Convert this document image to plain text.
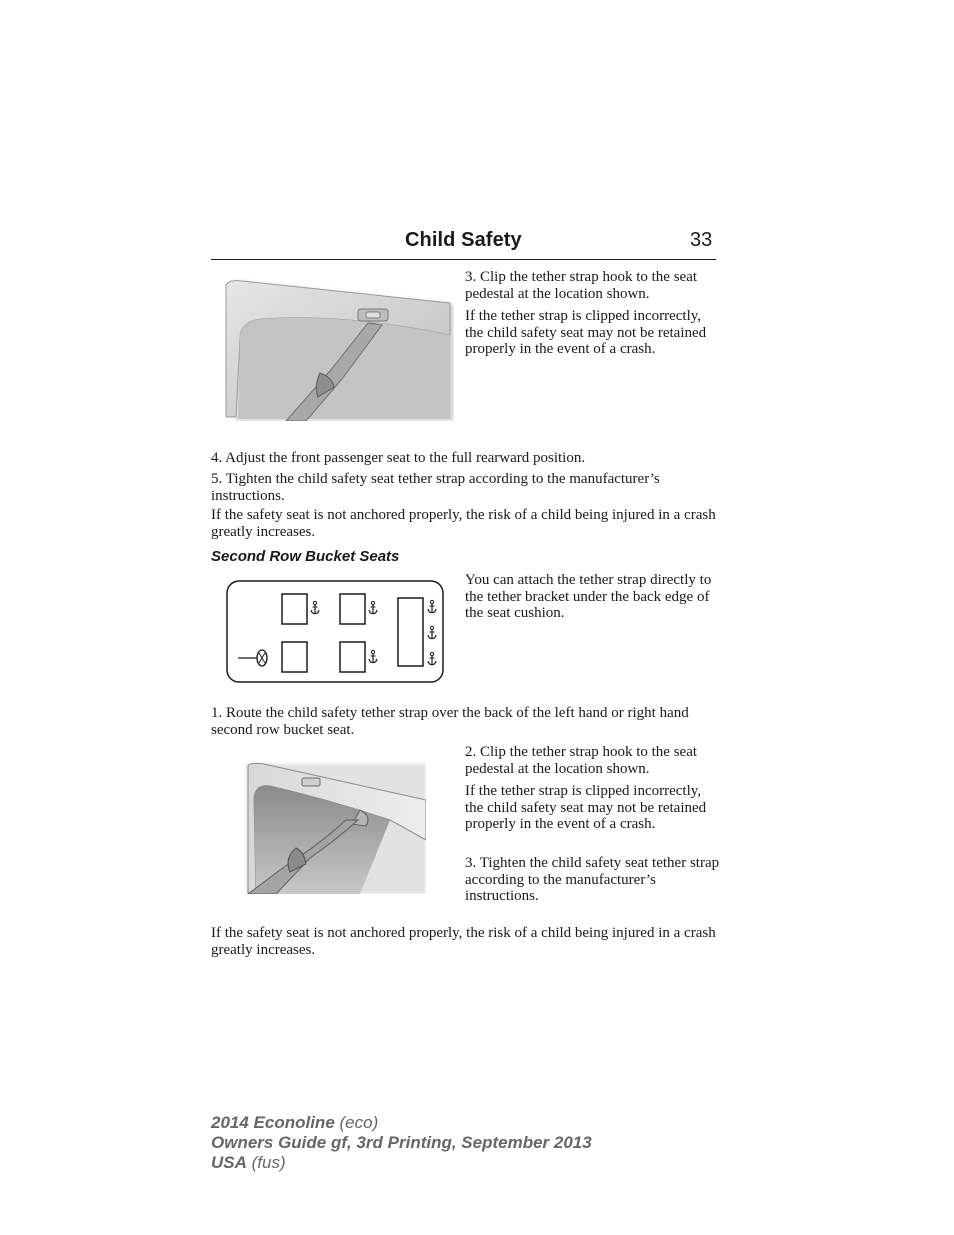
Child Safety	33

3. Clip the tether strap hook to the seat pedestal at the location shown.

If the tether strap is clipped incorrectly, the child safety seat may not be retained properly in the event of a crash.

4. Adjust the front passenger seat to the full rearward position.

5. Tighten the child safety seat tether strap according to the manufacturer’s instructions.

If the safety seat is not anchored properly, the risk of a child being injured in a crash greatly increases.

Second Row Bucket Seats

You can attach the tether strap directly to the tether bracket under the back edge of the seat cushion.

1. Route the child safety tether strap over the back of the left hand or right hand second row bucket seat.

2. Clip the tether strap hook to the seat pedestal at the location shown.

If the tether strap is clipped incorrectly, the child safety seat may not be retained properly in the event of a crash.

3. Tighten the child safety seat tether strap according to the manufacturer’s instructions.

If the safety seat is not anchored properly, the risk of a child being injured in a crash greatly increases.

2014 Econoline (eco)
Owners Guide gf, 3rd Printing, September 2013
USA (fus)
